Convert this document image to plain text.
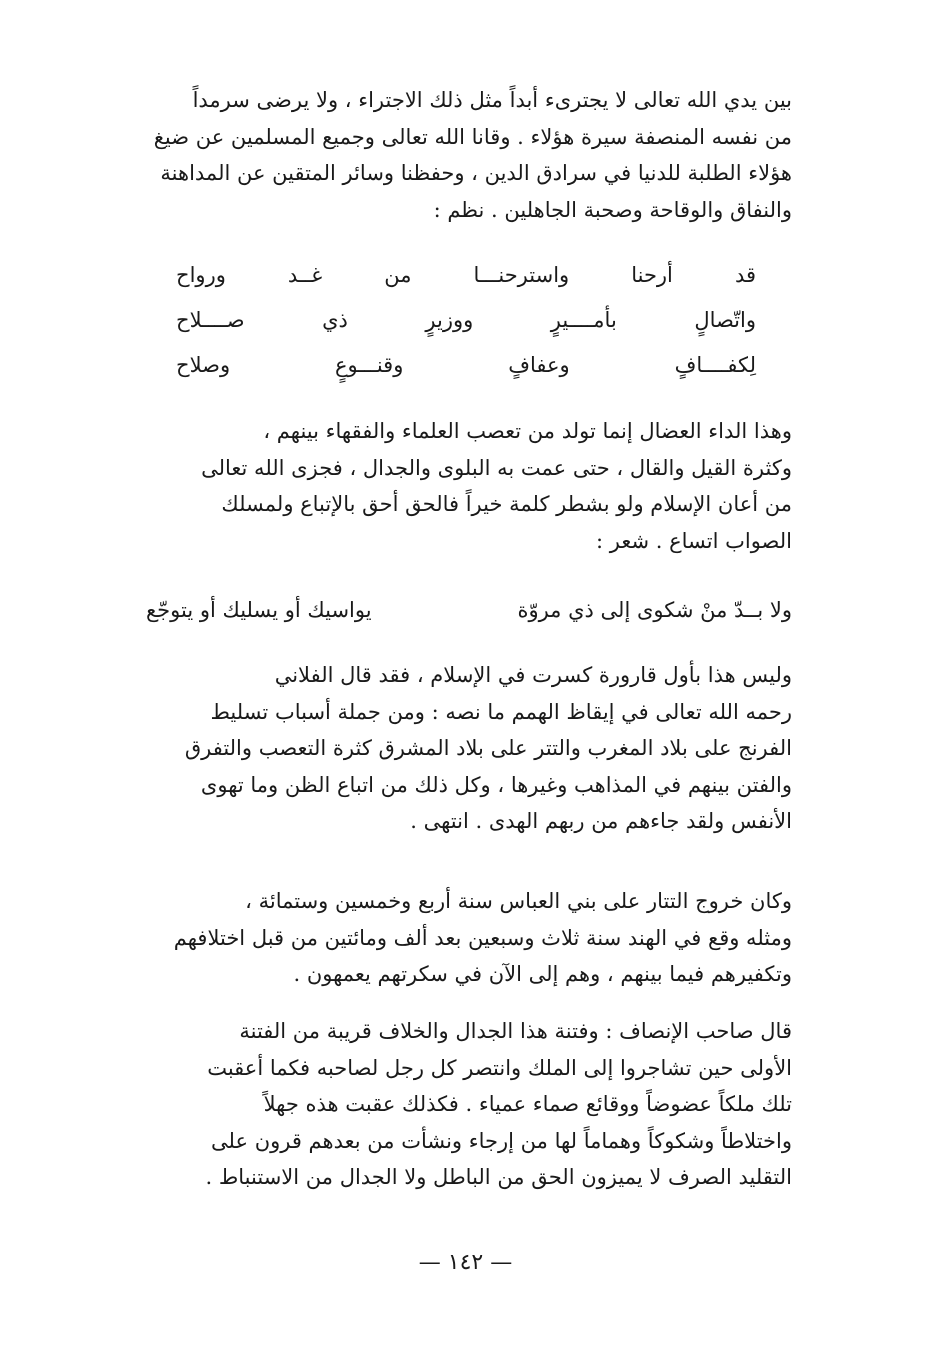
بين يدي الله تعالى لا يجترىء أبداً مثل ذلك الاجتراء ، ولا يرضى سرمداً
من نفسه المنصفة سيرة هؤلاء . وقانا الله تعالى وجميع المسلمين عن ضيغ
هؤلاء الطلبة للدنيا في سرادق الدين ، وحفظنا وسائر المتقين عن المداهنة
والنفاق والوقاحة وصحبة الجاهلين . نظم :
قد
أرحنا
واسترحنـــا
من
غــد
ورواح
واتّصالٍ
بأمــــيرٍ
ووزيرٍ
ذي
صــــلاح
لِكفــــافٍ
وعفافٍ
وقنـــوعٍ
وصلاح
وهذا الداء العضال إنما تولد من تعصب العلماء والفقهاء بينهم ،
وكثرة القيل والقال ، حتى عمت به البلوى والجدال ، فجزى الله تعالى
من أعان الإسلام ولو بشطر كلمة خيراً فالحق أحق بالإتباع ولمسلك
الصواب اتساع . شعر :
ولا بــدّ منْ شكوى إلى ذي مروّة
يواسيك أو يسليك أو يتوجّع
وليس هذا بأول قارورة كسرت في الإسلام ، فقد قال الفلاني
رحمه الله تعالى في إيقاظ الهمم ما نصه : ومن جملة أسباب تسليط
الفرنج على بلاد المغرب والتتر على بلاد المشرق كثرة التعصب والتفرق
والفتن بينهم في المذاهب وغيرها ، وكل ذلك من اتباع الظن وما تهوى
الأنفس ولقد جاءهم من ربهم الهدى . انتهى .
وكان خروج التتار على بني العباس سنة أربع وخمسين وستمائة ،
ومثله وقع في الهند سنة ثلاث وسبعين بعد ألف ومائتين من قبل اختلافهم
وتكفيرهم فيما بينهم ، وهم إلى الآن في سكرتهم يعمهون .
قال صاحب الإنصاف : وفتنة هذا الجدال والخلاف قريبة من الفتنة
الأولى حين تشاجروا إلى الملك وانتصر كل رجل لصاحبه فكما أعقبت
تلك ملكاً عضوضاً ووقائع صماء عمياء . فكذلك عقبت هذه جهلاً
واختلاطاً وشكوكاً وهماماً لها من إرجاء ونشأت من بعدهم قرون على
التقليد الصرف لا يميزون الحق من الباطل ولا الجدال من الاستنباط .
— ١٤٢ —
